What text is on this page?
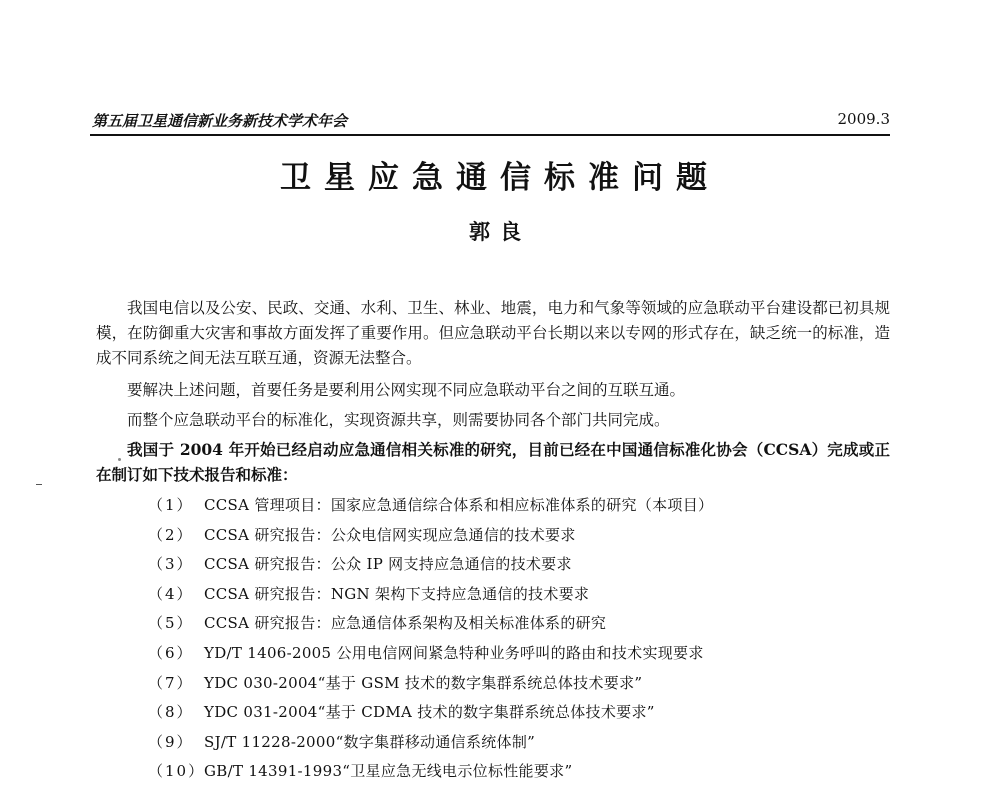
第五届卫星通信新业务新技术学术年会	2009.3
卫星应急通信标准问题
郭良
我国电信以及公安、民政、交通、水利、卫生、林业、地震，电力和气象等领域的应急联动平台建设都已初具规模，在防御重大灾害和事故方面发挥了重要作用。但应急联动平台长期以来以专网的形式存在，缺乏统一的标准，造成不同系统之间无法互联互通，资源无法整合。
要解决上述问题，首要任务是要利用公网实现不同应急联动平台之间的互联互通。
而整个应急联动平台的标准化，实现资源共享，则需要协同各个部门共同完成。
我国于 2004 年开始已经启动应急通信相关标准的研究，目前已经在中国通信标准化协会（CCSA）完成或正在制订如下技术报告和标准：
（1） CCSA 管理项目：国家应急通信综合体系和相应标准体系的研究（本项目）
（2） CCSA 研究报告：公众电信网实现应急通信的技术要求
（3） CCSA 研究报告：公众 IP 网支持应急通信的技术要求
（4） CCSA 研究报告：NGN 架构下支持应急通信的技术要求
（5） CCSA 研究报告：应急通信体系架构及相关标准体系的研究
（6） YD/T 1406-2005 公用电信网间紧急特种业务呼叫的路由和技术实现要求
（7） YDC 030-2004“基于 GSM 技术的数字集群系统总体技术要求”
（8） YDC 031-2004“基于 CDMA 技术的数字集群系统总体技术要求”
（9） SJ/T 11228-2000“数字集群移动通信系统体制”
（10）GB/T 14391-1993“卫星应急无线电示位标性能要求”
